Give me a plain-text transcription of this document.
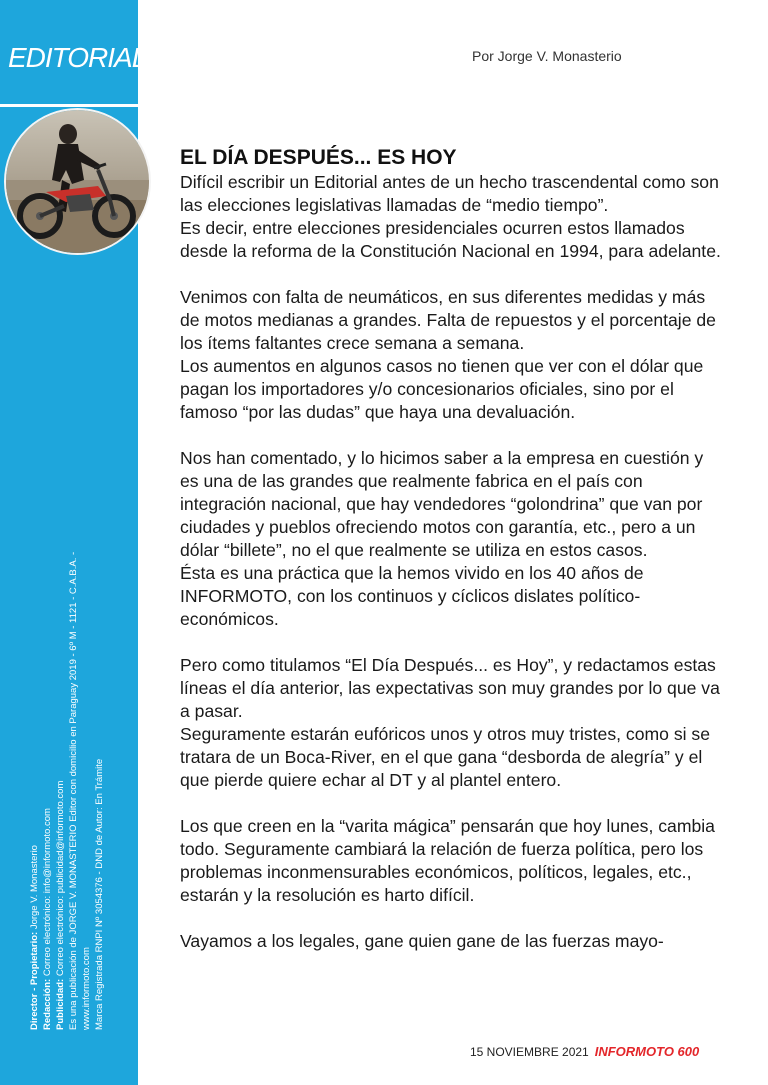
EDITORIAL
Director - Propietario: Jorge V. Monasterio
Redacción: Correo electrónico: info@informoto.com
Publicidad: Correo electrónico: publicidad@informoto.com Es una publicación de JORGE V. MONASTERIO Editor con domicilio en Paraguay 2019 - 6º M - 1121 - C.A.B.A. - www.informoto.com Marca Registrada RNPI Nº 3054376 - DND de Autor: En Trámite
Por Jorge V. Monasterio
EL DÍA DESPUÉS... ES HOY

Difícil escribir un Editorial antes de un hecho trascendental como son las elecciones legislativas llamadas de “medio tiempo”.

Es decir, entre elecciones presidenciales ocurren estos llamados desde la reforma de la Constitución Nacional en 1994, para adelante.

Venimos con falta de neumáticos, en sus diferentes medidas y más de motos medianas a grandes. Falta de repuestos y el porcentaje de los ítems faltantes crece semana a semana.

Los aumentos en algunos casos no tienen que ver con el dólar que pagan los importadores y/o concesionarios oficiales, sino por el famoso “por las dudas” que haya una devaluación.

Nos han comentado, y lo hicimos saber a la empresa en cuestión y es una de las grandes que realmente fabrica en el país con integración nacional, que hay vendedores “golondrina” que van por ciudades y pueblos ofreciendo motos con garantía, etc., pero a un dólar “billete”, no el que realmente se utiliza en estos casos.

Ésta es una práctica que la hemos vivido en los 40 años de INFORMOTO, con los continuos y cíclicos dislates político-económicos.

Pero como titulamos “El Día Después... es Hoy”, y redactamos estas líneas el día anterior, las expectativas son muy grandes por lo que va a pasar.

Seguramente estarán eufóricos unos y otros muy tristes, como si se tratara de un Boca-River, en el que gana “desborda de alegría” y el que pierde quiere echar al DT y al plantel entero.

Los que creen en la “varita mágica” pensarán que hoy lunes, cambia todo. Seguramente cambiará la relación de fuerza política, pero los problemas inconmensurables económicos, políticos, legales, etc., estarán y la resolución es harto difícil.

Vayamos a los legales, gane quien gane de las fuerzas mayo-

15 NOVIEMBRE 2021 INFORMOTO 600
